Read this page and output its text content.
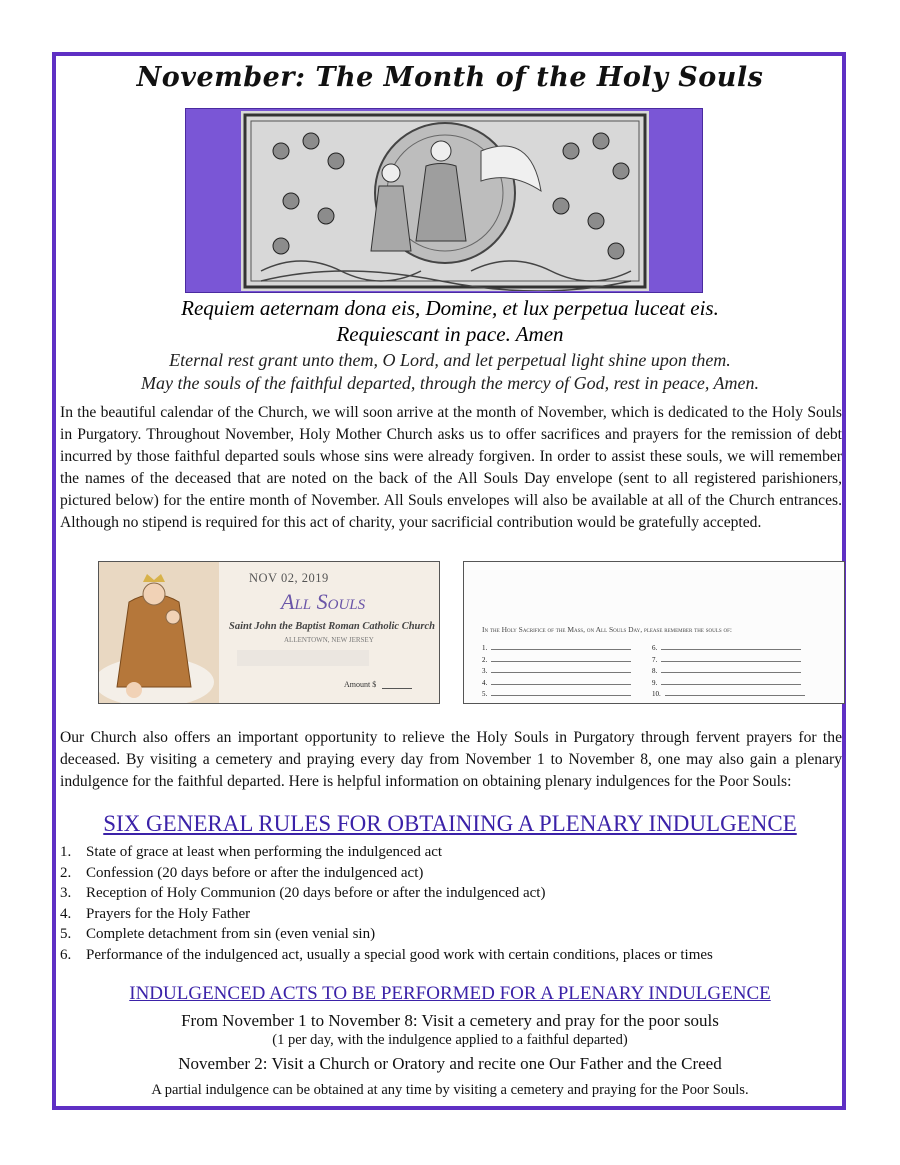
November: The Month of the Holy Souls
Requiem aeternam dona eis, Domine, et lux perpetua luceat eis.
Requiescant in pace. Amen
Eternal rest grant unto them, O Lord, and let perpetual light shine upon them.
May the souls of the faithful departed, through the mercy of God, rest in peace, Amen.
In the beautiful calendar of the Church, we will soon arrive at the month of November, which is dedicated to the Holy Souls in Purgatory. Throughout November, Holy Mother Church asks us to offer sacrifices and prayers for the remission of debt incurred by those faithful departed souls whose sins were already forgiven. In order to assist these souls, we will remember the names of the deceased that are noted on the back of the All Souls Day envelope (sent to all registered parishioners, pictured below) for the entire month of November. All Souls envelopes will also be available at all of the Church entrances. Although no stipend is required for this act of charity, your sacrificial contribution would be gratefully accepted.
NOV 02, 2019
All Souls
Saint John the Baptist Roman Catholic Church
ALLENTOWN, NEW JERSEY
Amount $
In the Holy Sacrifice of the Mass, on All Souls Day, please remember the souls of:
1.
2.
3.
4.
5.
6.
7.
8.
9.
10.
Our Church also offers an important opportunity to relieve the Holy Souls in Purgatory through fervent prayers for the deceased. By visiting a cemetery and praying every day from November 1 to November 8, one may also gain a plenary indulgence for the faithful departed. Here is helpful information on obtaining plenary indulgences for the Poor Souls:
SIX GENERAL RULES FOR OBTAINING A PLENARY INDULGENCE
1. State of grace at least when performing the indulgenced act
2. Confession (20 days before or after the indulgenced act)
3. Reception of Holy Communion (20 days before or after the indulgenced act)
4. Prayers for the Holy Father
5. Complete detachment from sin (even venial sin)
6. Performance of the indulgenced act, usually a special good work with certain conditions, places or times
INDULGENCED ACTS TO BE PERFORMED FOR A PLENARY INDULGENCE
From November 1 to November 8: Visit a cemetery and pray for the poor souls
(1 per day, with the indulgence applied to a faithful departed)
November 2: Visit a Church or Oratory and recite one Our Father and the Creed
A partial indulgence can be obtained at any time by visiting a cemetery and praying for the Poor Souls.
